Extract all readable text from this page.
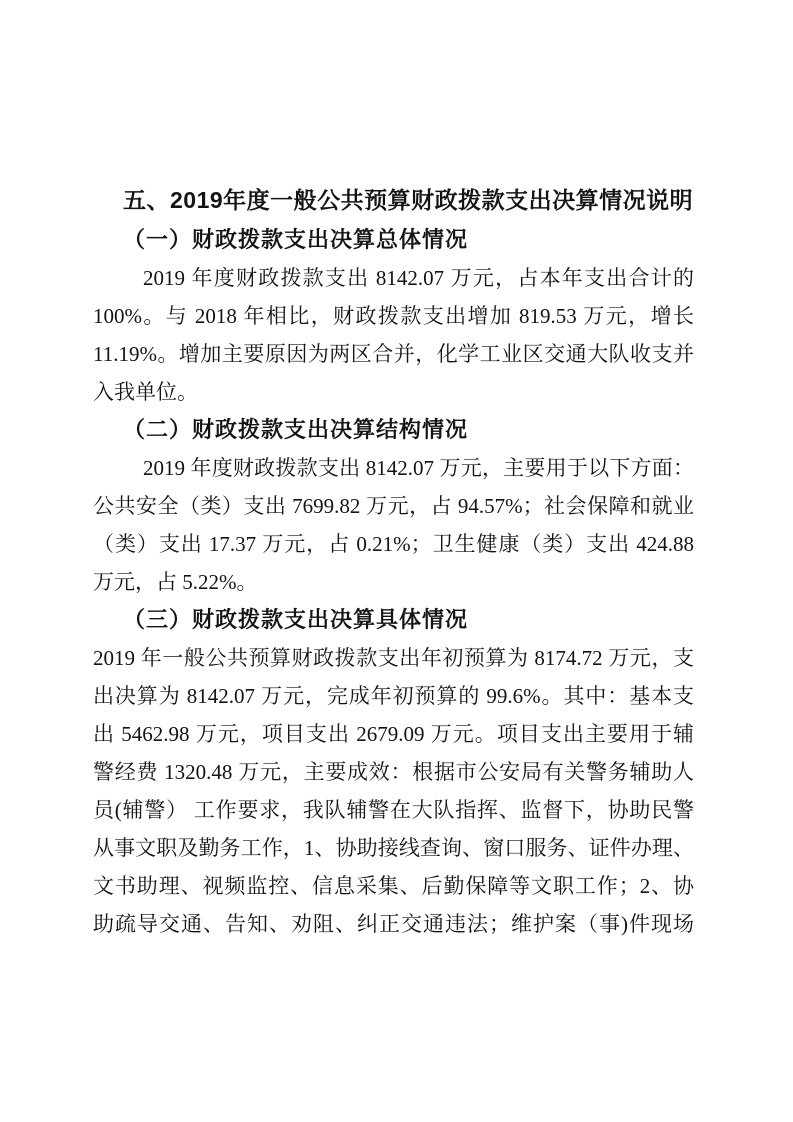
五、2019年度一般公共预算财政拨款支出决算情况说明
（一）财政拨款支出决算总体情况
2019 年度财政拨款支出 8142.07 万元，占本年支出合计的
100%。与 2018 年相比，财政拨款支出增加 819.53 万元，增长
11.19%。增加主要原因为两区合并，化学工业区交通大队收支并
入我单位。
（二）财政拨款支出决算结构情况
2019 年度财政拨款支出 8142.07 万元，主要用于以下方面：
公共安全（类）支出 7699.82 万元，占 94.57%；社会保障和就业
（类）支出 17.37 万元，占 0.21%；卫生健康（类）支出 424.88
万元，占 5.22%。
（三）财政拨款支出决算具体情况
2019 年一般公共预算财政拨款支出年初预算为 8174.72 万元，支
出决算为 8142.07 万元，完成年初预算的 99.6%。其中：基本支
出 5462.98 万元，项目支出 2679.09 万元。项目支出主要用于辅
警经费 1320.48 万元，主要成效：根据市公安局有关警务辅助人
员(辅警） 工作要求，我队辅警在大队指挥、监督下，协助民警
从事文职及勤务工作，1、协助接线查询、窗口服务、证件办理、
文书助理、视频监控、信息采集、后勤保障等文职工作；2、协
助疏导交通、告知、劝阻、纠正交通违法；维护案（事)件现场
